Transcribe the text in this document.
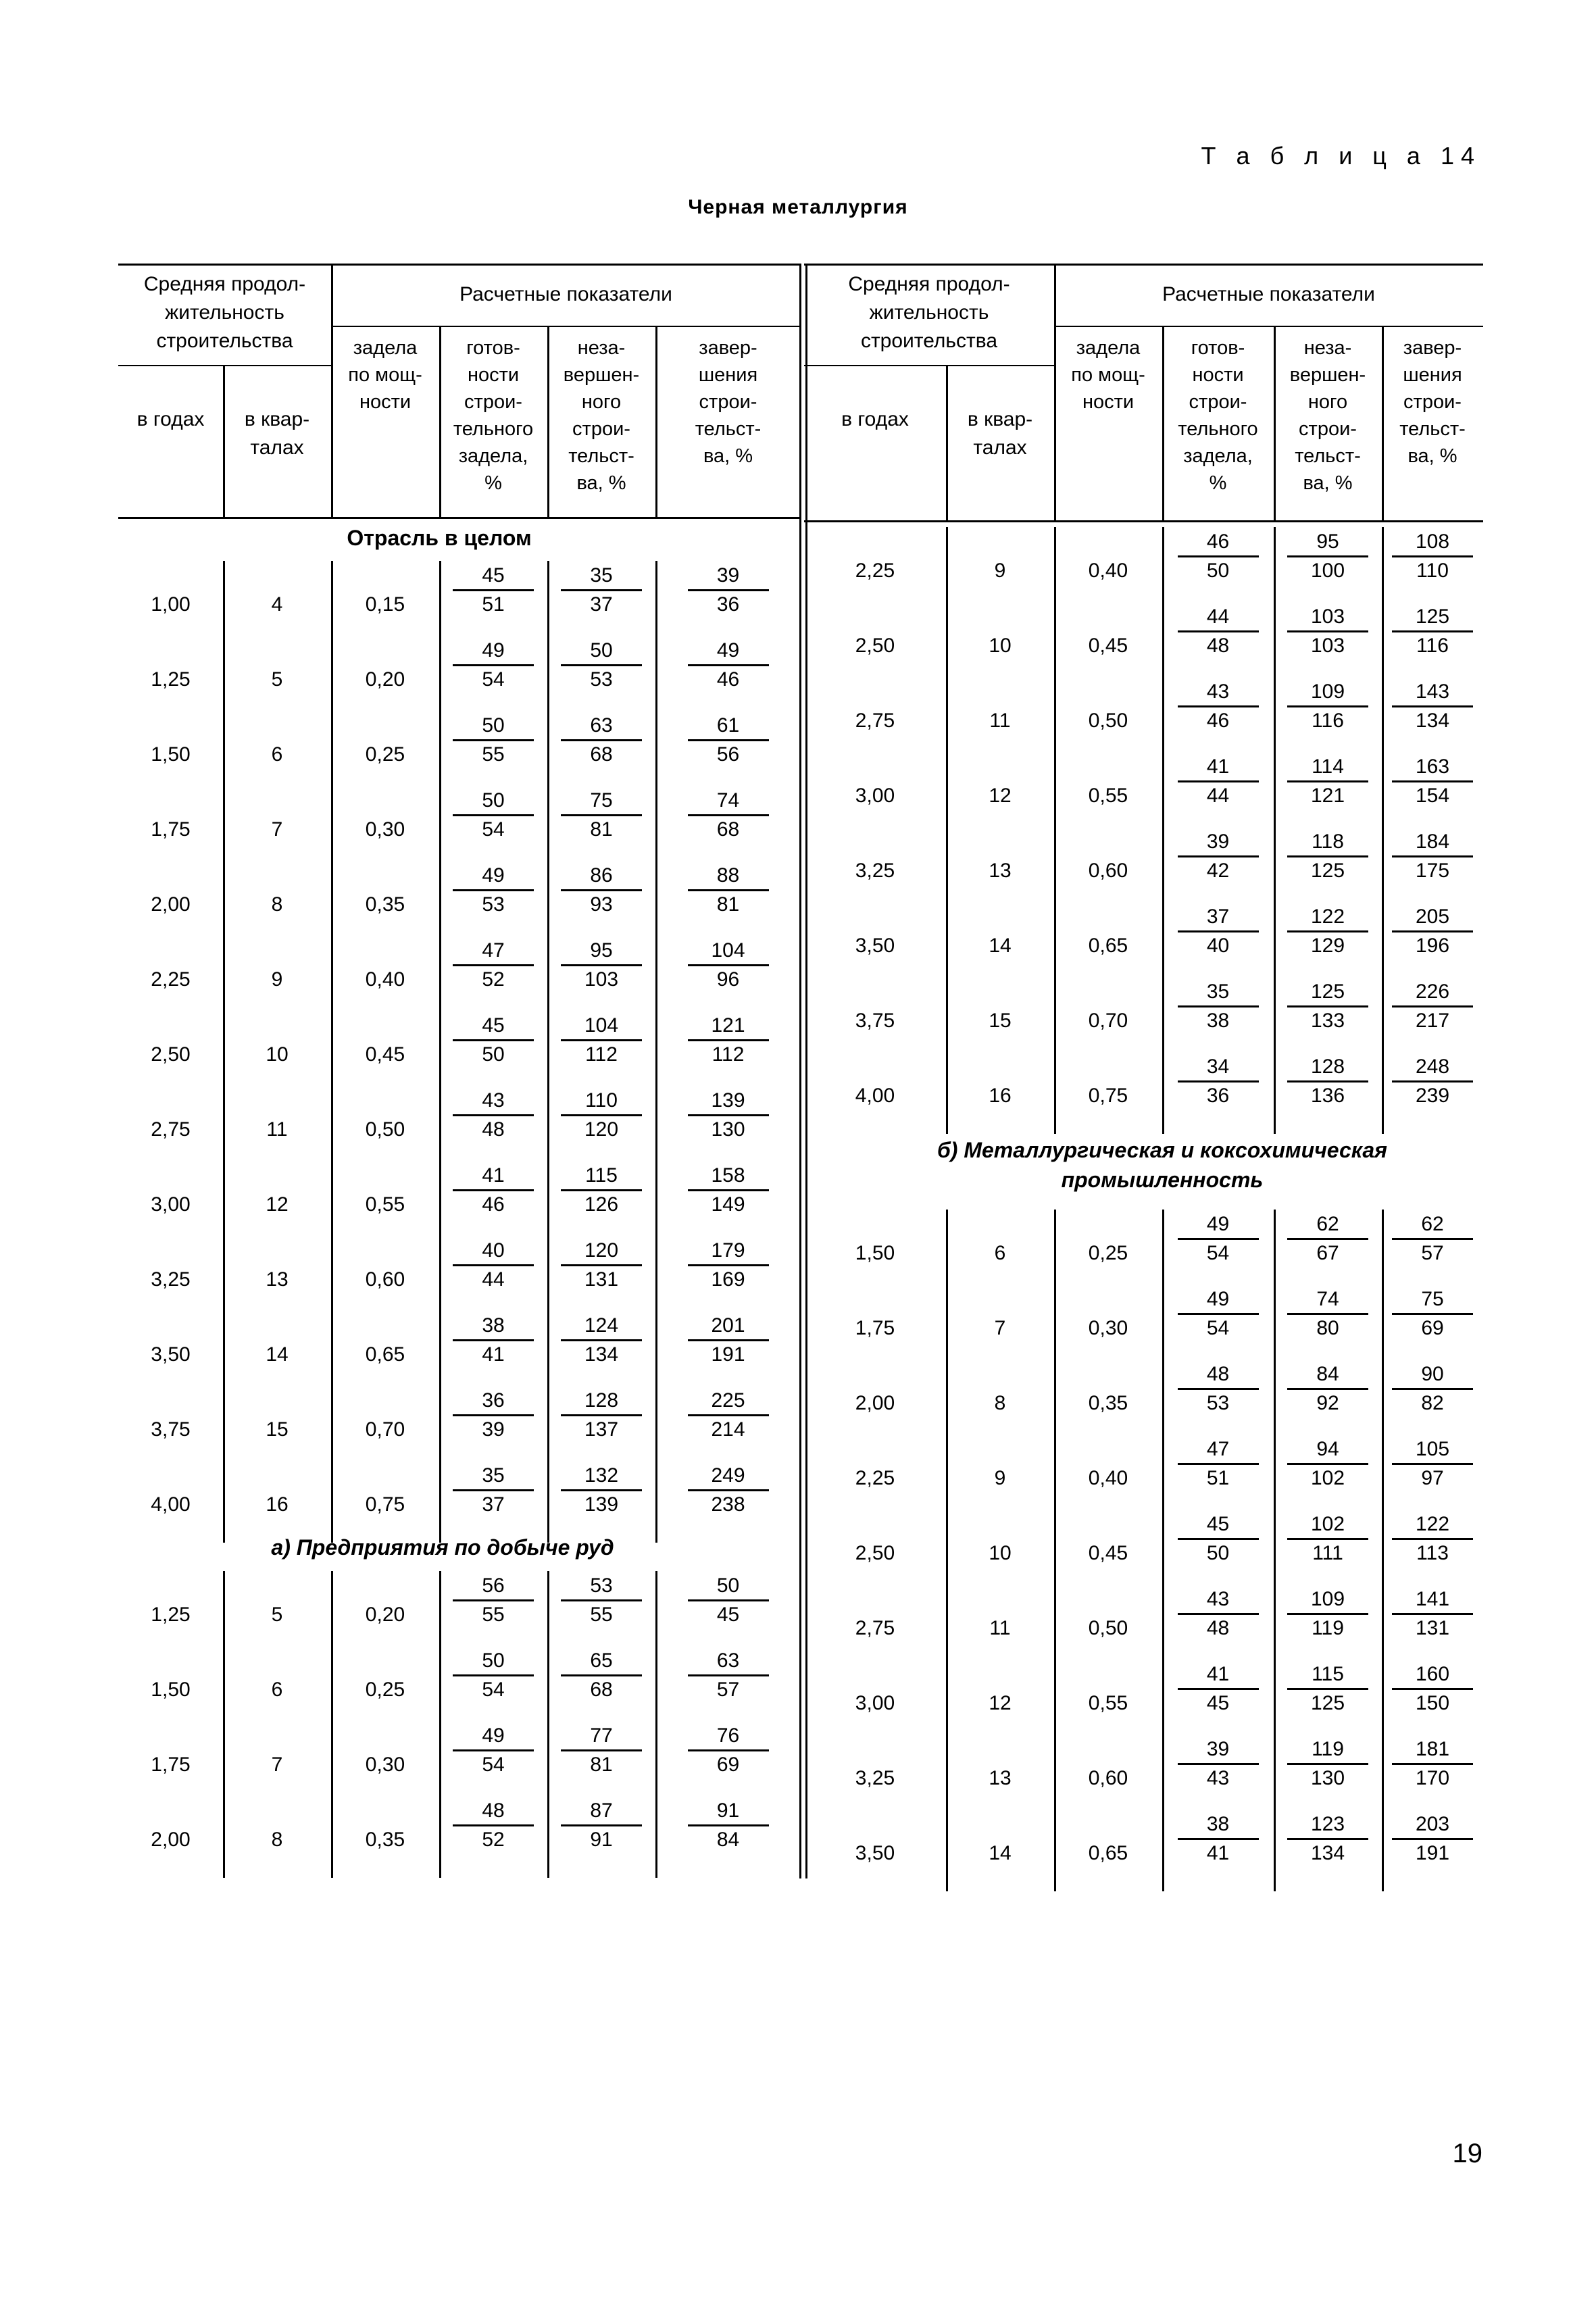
Т а б л и ц а 14
Черная металлургия
19
Средняя продол-
жительность
строительства
Расчетные показатели
в годах	в квар-
талах
задела
по мощ-
ности
готов-
ности
строи-
тельного
задела,
%
неза-
вершен-
ного
строи-
тельст-
ва, %
завер-
шения
строи-
тельст-
ва, %
Отрасль в целом
1,00	4	0,15	$\frac{45}{51} \frac{35}{37} \frac{39}{36}$
1,25	5	0,20	$\frac{49}{54} \frac{50}{53} \frac{49}{46}$
1,50	6	0,25	$\frac{50}{55} \frac{63}{68} \frac{61}{56}$
1,75	7	0,30	$\frac{50}{54} \frac{75}{81} \frac{74}{68}$
2,00	8	0,35	$\frac{49}{53} \frac{86}{93} \frac{88}{81}$
2,25	9	0,40	$\frac{47}{52} \frac{95}{103} \frac{104}{96}$
2,50	10	0,45	$\frac{45}{50} \frac{104}{112} \frac{121}{112}$
2,75	11	0,50	$\frac{43}{48} \frac{110}{120} \frac{139}{130}$
3,00	12	0,55	$\frac{41}{46} \frac{115}{126} \frac{158}{149}$
3,25	13	0,60	$\frac{40}{44} \frac{120}{131} \frac{179}{169}$
3,50	14	0,65	$\frac{38}{41} \frac{124}{134} \frac{201}{191}$
3,75	15	0,70	$\frac{36}{39} \frac{128}{137} \frac{225}{214}$
4,00	16	0,75	$\frac{35}{37} \frac{132}{139} \frac{249}{238}$
а) Предприятия по добыче руд
1,25	5	0,20	$\frac{56}{55} \frac{53}{55} \frac{50}{45}$
1,50	6	0,25	$\frac{50}{54} \frac{65}{68} \frac{63}{57}$
1,75	7	0,30	$\frac{49}{54} \frac{77}{81} \frac{76}{69}$
2,00	8	0,35	$\frac{48}{52} \frac{87}{91} \frac{91}{84}$
Средняя продол-
жительность
строительства
Расчетные показатели
в годах	в квар-
талах
задела
по мощ-
ности
готов-
ности
строи-
тельного
задела,
%
неза-
вершен-
ного
строи-
тельст-
ва, %
завер-
шения
строи-
тельст-
ва, %
2,25	9	0,40	$\frac{46}{50} \frac{95}{100} \frac{108}{110}$
2,50	10	0,45	$\frac{44}{48} \frac{103}{103} \frac{125}{116}$
2,75	11	0,50	$\frac{43}{46} \frac{109}{116} \frac{143}{134}$
3,00	12	0,55	$\frac{41}{44} \frac{114}{121} \frac{163}{154}$
3,25	13	0,60	$\frac{39}{42} \frac{118}{125} \frac{184}{175}$
3,50	14	0,65	$\frac{37}{40} \frac{122}{129} \frac{205}{196}$
3,75	15	0,70	$\frac{35}{38} \frac{125}{133} \frac{226}{217}$
4,00	16	0,75	$\frac{34}{36} \frac{128}{136} \frac{248}{239}$
б) Металлургическая и коксохимическая
промышленность
1,50	6	0,25	$\frac{49}{54} \frac{62}{67} \frac{62}{57}$
1,75	7	0,30	$\frac{49}{54} \frac{74}{80} \frac{75}{69}$
2,00	8	0,35	$\frac{48}{53} \frac{84}{92} \frac{90}{82}$
2,25	9	0,40	$\frac{47}{51} \frac{94}{102} \frac{105}{97}$
2,50	10	0,45	$\frac{45}{50} \frac{102}{111} \frac{122}{113}$
2,75	11	0,50	$\frac{43}{48} \frac{109}{119} \frac{141}{131}$
3,00	12	0,55	$\frac{41}{45} \frac{115}{125} \frac{160}{150}$
3,25	13	0,60	$\frac{39}{43} \frac{119}{130} \frac{181}{170}$
3,50	14	0,65	$\frac{38}{41} \frac{123}{134} \frac{203}{191}$
